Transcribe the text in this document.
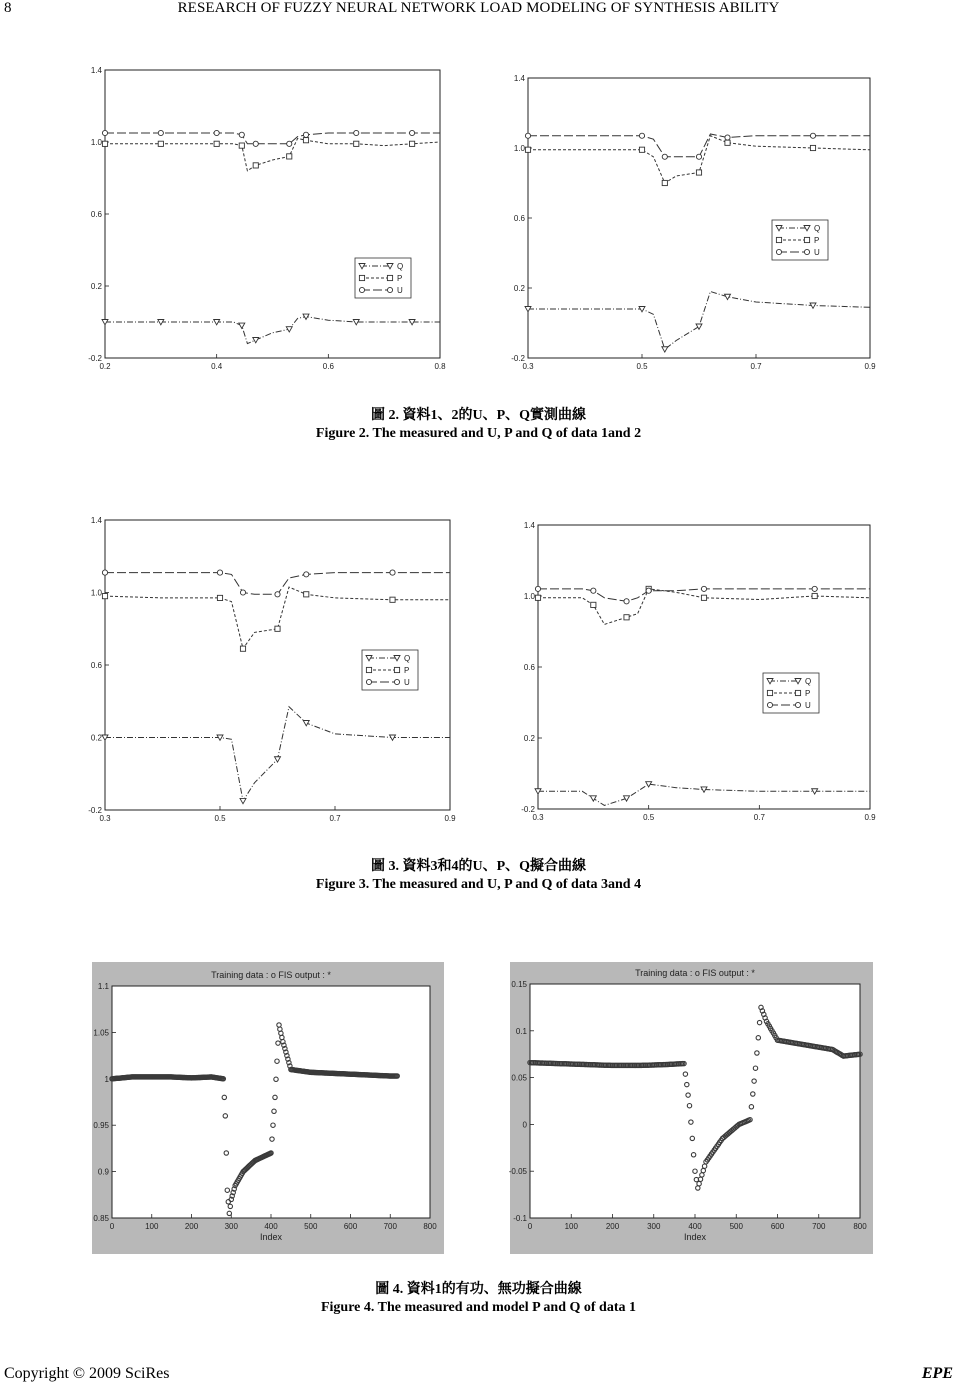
8	RESEARCH OF FUZZY NEURAL NETWORK LOAD MODELING OF SYNTHESIS ABILITY
-0.2
0.2
0.6
1.0
1.4
0.2	0.4	0.6	0.8
Q
P
U
-0.2
0.2
0.6
1.0
1.4
0.3	0.5	0.7	0.9
Q
P
U
圖 2. 資料1、2的U、P、Q實測曲線
Figure 2. The measured and U, P and Q of data 1and 2
-0.2
0.2
0.6
1.0
1.4
0.3	0.5	0.7	0.9
Q
P
U
-0.2
0.2
0.6
1.0
1.4
0.3	0.5	0.7	0.9
Q
P
U
圖 3. 資料3和4的U、P、Q擬合曲線
Figure 3. The measured and U, P and Q of data 3and 4
0.85
0.9
0.95
1
1.05
1.1
0	100	200	300	400	500	600	700	800
Training data : o FIS output : *
Index
-0.1
-0.05
0
0.05
0.1
0.15
0	100	200	300	400	500	600	700	800
Training data : o FIS output : *
Index
圖 4. 資料1的有功、無功擬合曲線
Figure 4. The measured and model P and Q of data 1
Copyright © 2009 SciRes	EPE
